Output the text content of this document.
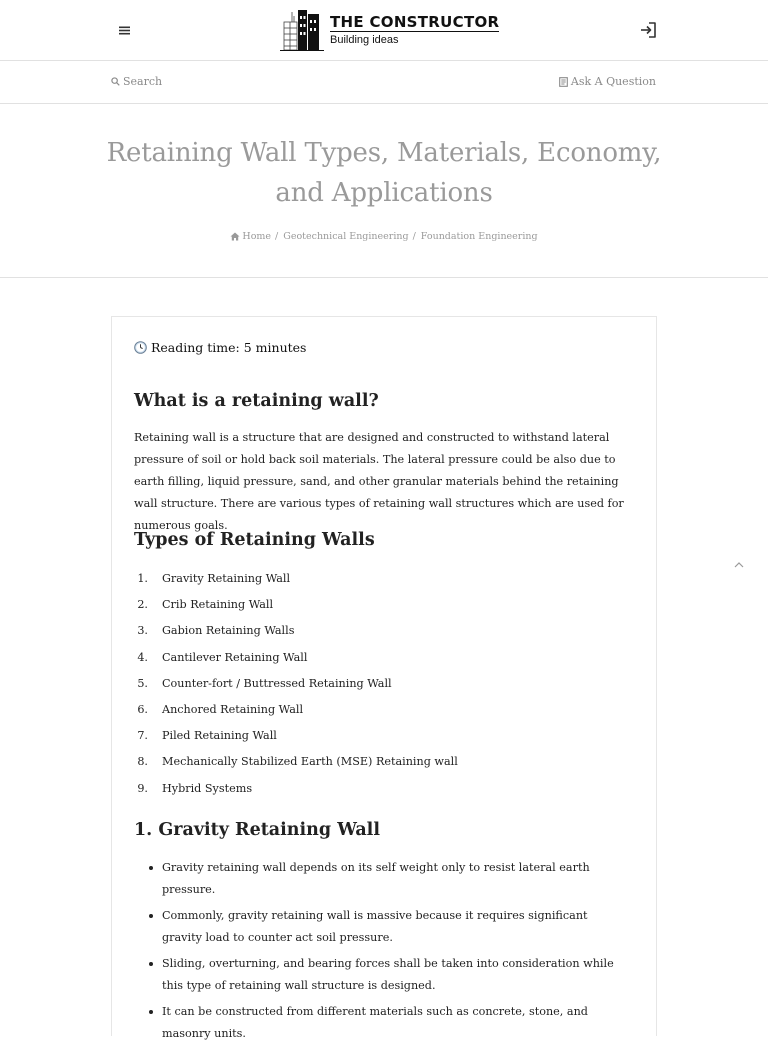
THE CONSTRUCTOR
Building ideas
Search	Ask A Question
Retaining Wall Types, Materials, Economy, and Applications
Home / Geotechnical Engineering / Foundation Engineering
Reading time: 5 minutes
What is a retaining wall?

Retaining wall is a structure that are designed and constructed to withstand lateral pressure of soil or hold back soil materials. The lateral pressure could be also due to earth filling, liquid pressure, sand, and other granular materials behind the retaining wall structure. There are various types of retaining wall structures which are used for numerous goals.

Types of Retaining Walls
1. Gravity Retaining Wall
2. Crib Retaining Wall
3. Gabion Retaining Walls
4. Cantilever Retaining Wall
5. Counter-fort / Buttressed Retaining Wall
6. Anchored Retaining Wall
7. Piled Retaining Wall
8. Mechanically Stabilized Earth (MSE) Retaining wall
9. Hybrid Systems
1. Gravity Retaining Wall
Gravity retaining wall depends on its self weight only to resist lateral earth pressure.
Commonly, gravity retaining wall is massive because it requires significant gravity load to counter act soil pressure.
Sliding, overturning, and bearing forces shall be taken into consideration while this type of retaining wall structure is designed.
It can be constructed from different materials such as concrete, stone, and masonry units.
